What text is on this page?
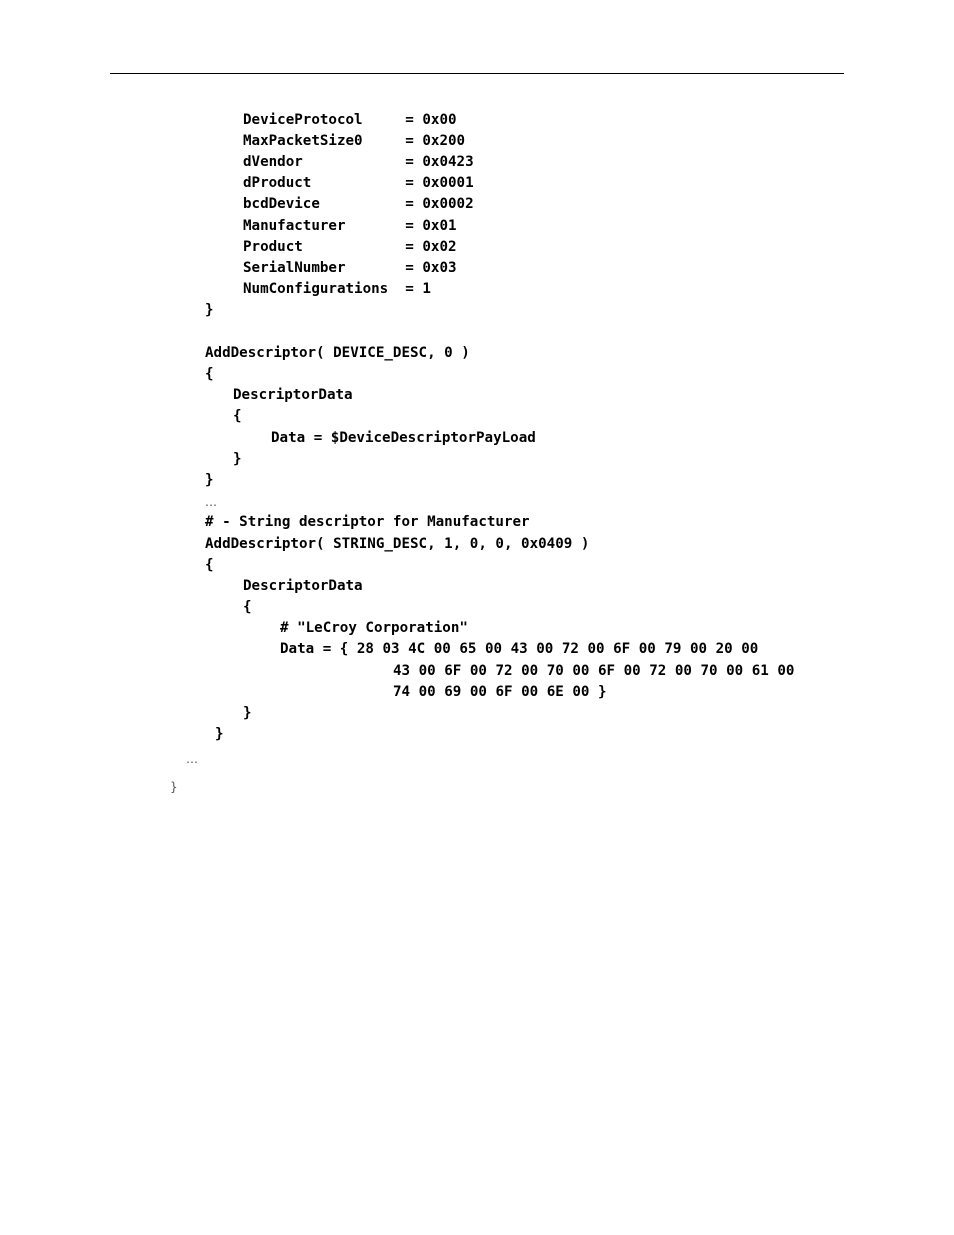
DeviceProtocol     = 0x00
MaxPacketSize0     = 0x200
dVendor            = 0x0423
dProduct           = 0x0001
bcdDevice          = 0x0002
Manufacturer       = 0x01
Product            = 0x02
SerialNumber       = 0x03
NumConfigurations  = 1
}
AddDescriptor( DEVICE_DESC, 0 )
{
DescriptorData
{
Data = $DeviceDescriptorPayLoad
}
}
…
# - String descriptor for Manufacturer
AddDescriptor( STRING_DESC, 1, 0, 0, 0x0409 )
{
DescriptorData
{
# "LeCroy Corporation"
Data = { 28 03 4C 00 65 00 43 00 72 00 6F 00 79 00 20 00
43 00 6F 00 72 00 70 00 6F 00 72 00 70 00 61 00
74 00 69 00 6F 00 6E 00 }
}
}
…
}
